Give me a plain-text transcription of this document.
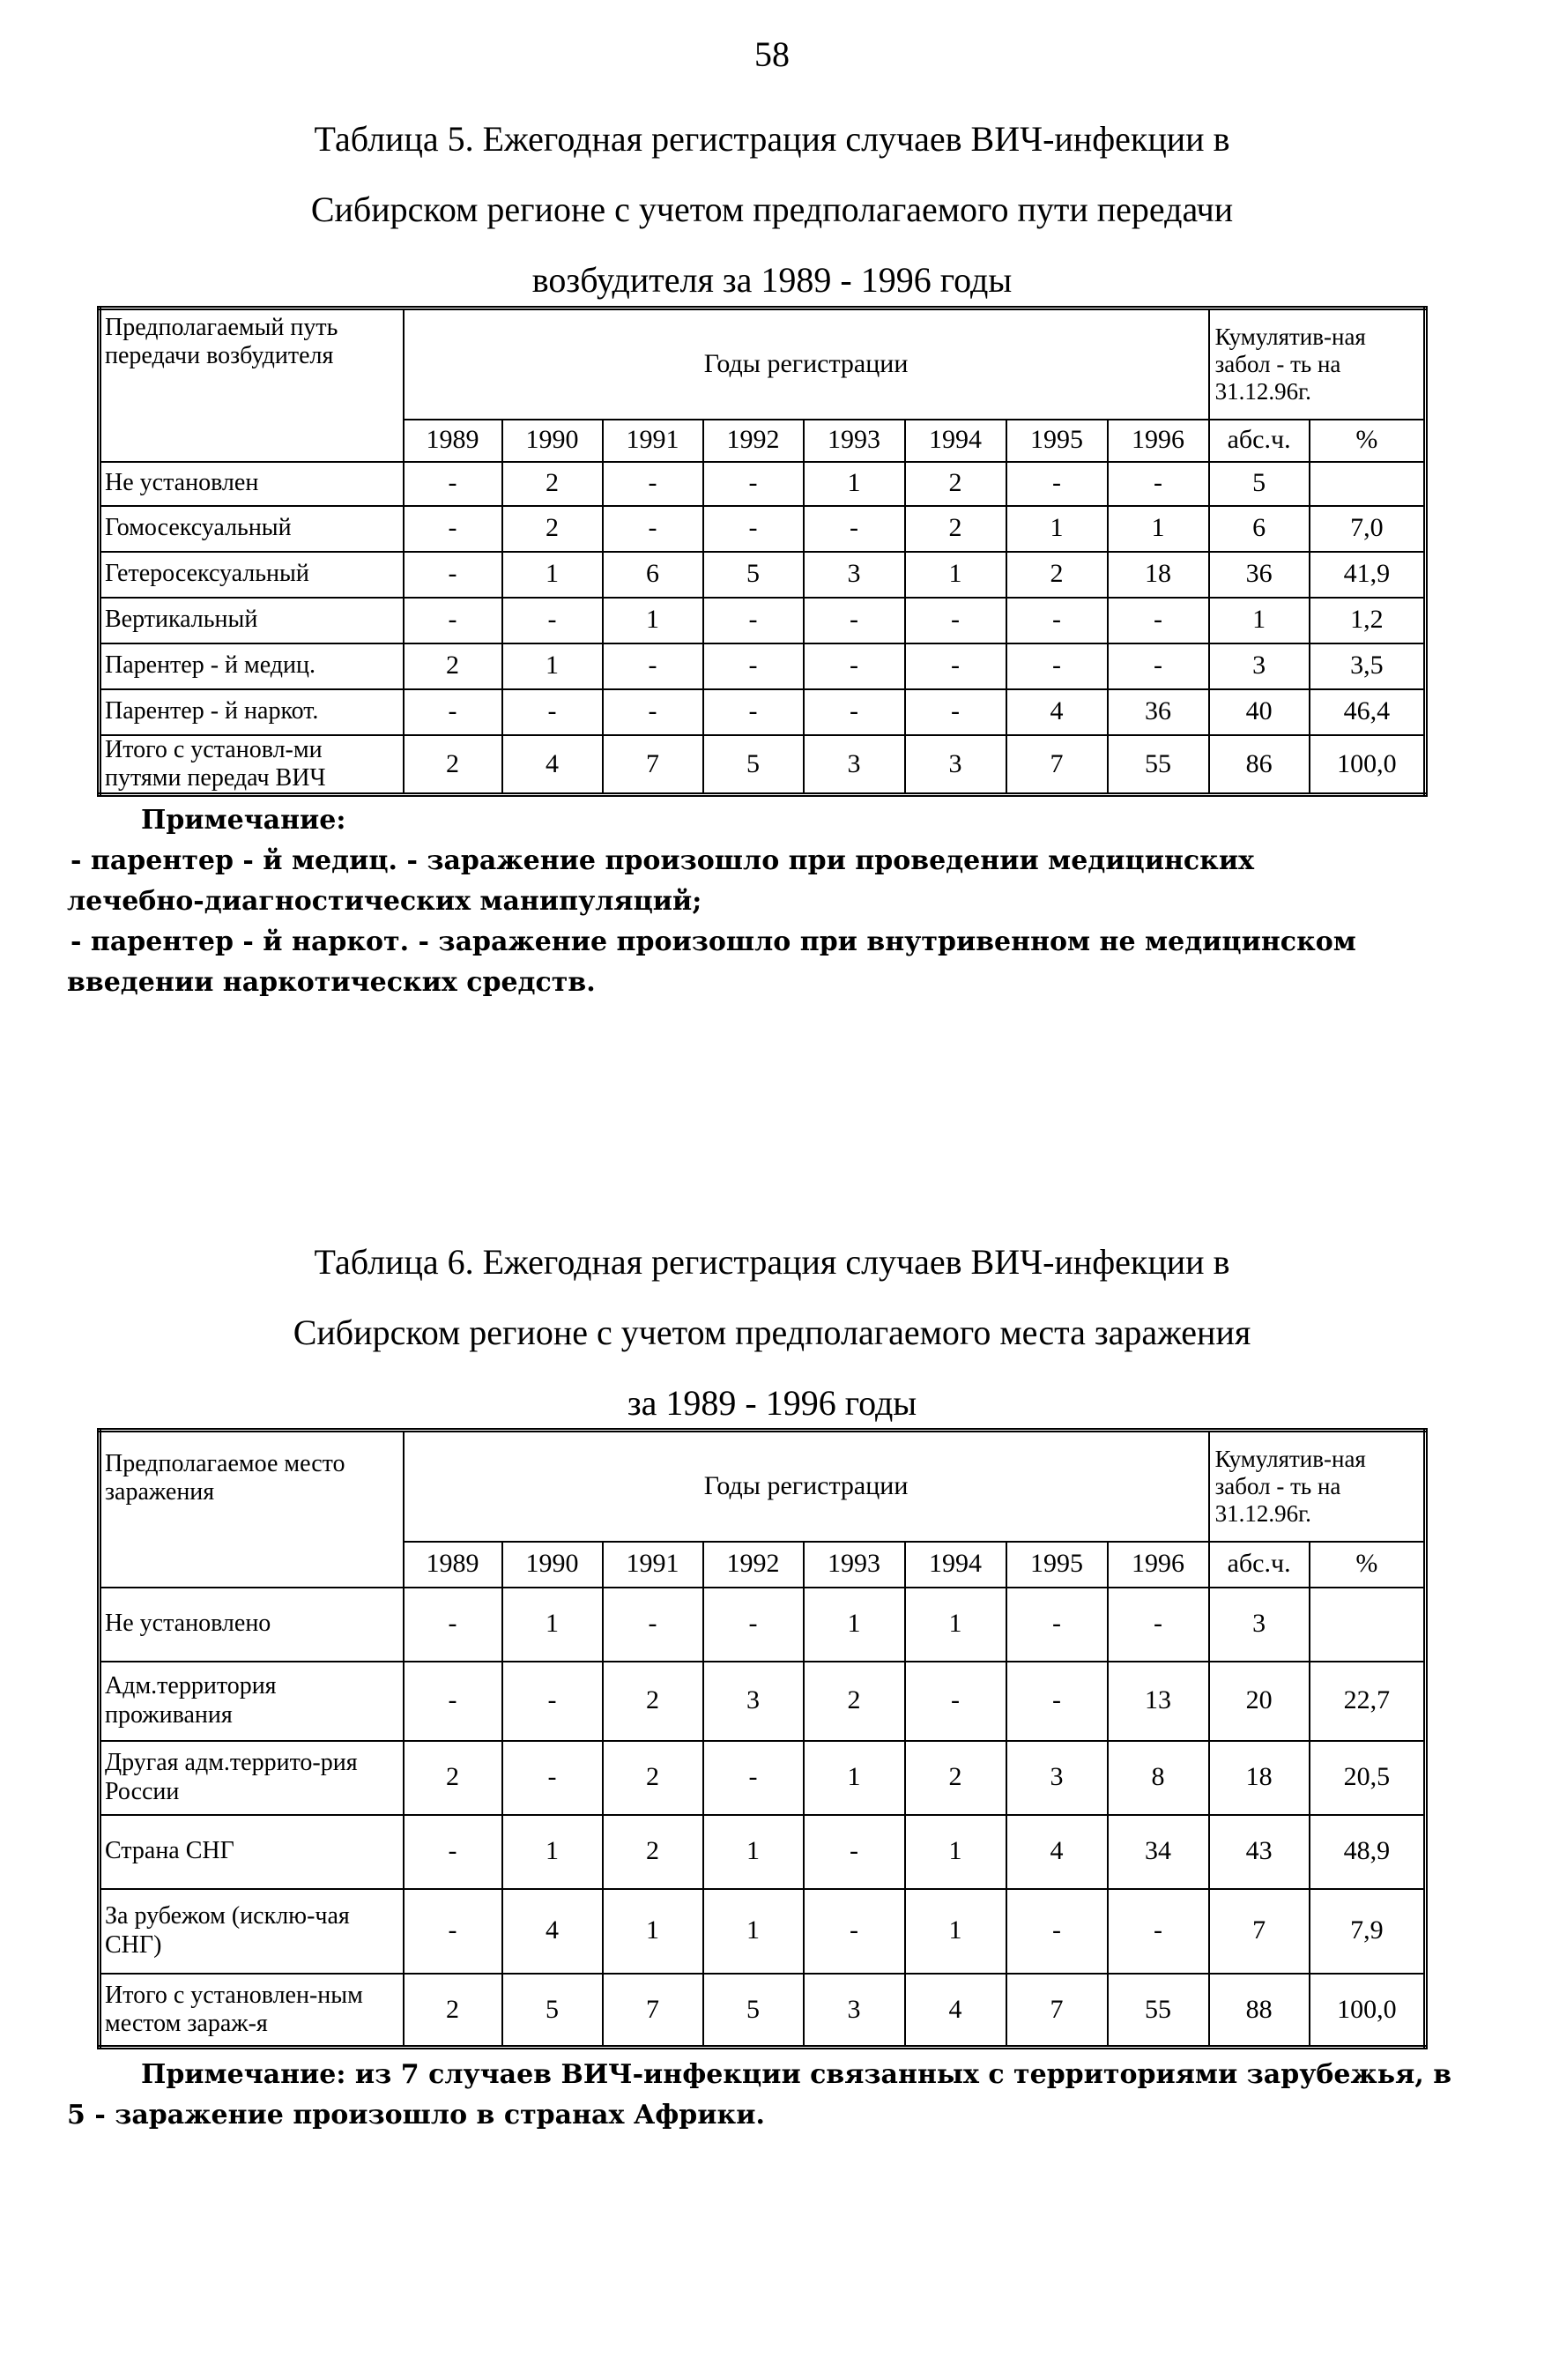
58
Таблица 5. Ежегодная регистрация случаев ВИЧ-инфекции в
Сибирском регионе с учетом предполагаемого пути передачи
возбудителя за 1989 - 1996 годы
Предполагаемый путь передачи возбудителя	Годы регистрации								Кумулятив-ная забол - ть на 31.12.96г.	
	1989	1990	1991	1992	1993	1994	1995	1996	абс.ч.	%
Не установлен	-	2	-	-	1	2	-	-	5	
Гомосексуальный	-	2	-	-	-	2	1	1	6	7,0
Гетеросексуальный	-	1	6	5	3	1	2	18	36	41,9
Вертикальный	-	-	1	-	-	-	-	-	1	1,2
Парентер - й медиц.	2	1	-	-	-	-	-	-	3	3,5
Парентер - й наркот.	-	-	-	-	-	-	4	36	40	46,4
Итого с установл-ми путями передач ВИЧ	2	4	7	5	3	3	7	55	86	100,0
Примечание:
- парентер - й медиц. - заражение произошло при проведении медицинских
лечебно-диагностических манипуляций;
- парентер - й наркот. - заражение произошло при внутривенном не медицинском
введении наркотических средств.
Таблица 6. Ежегодная регистрация случаев ВИЧ-инфекции в
Сибирском регионе с учетом предполагаемого места заражения
за 1989 - 1996 годы
Предполагаемое место заражения	Годы регистрации								Кумулятив-ная забол - ть на 31.12.96г.	
	1989	1990	1991	1992	1993	1994	1995	1996	абс.ч.	%
Не установлено	-	1	-	-	1	1	-	-	3	
Адм.территория проживания	-	-	2	3	2	-	-	13	20	22,7
Другая адм.террито-рия России	2	-	2	-	1	2	3	8	18	20,5
Страна СНГ	-	1	2	1	-	1	4	34	43	48,9
За рубежом (исклю-чая СНГ)	-	4	1	1	-	1	-	-	7	7,9
Итого с установлен-ным местом зараж-я	2	5	7	5	3	4	7	55	88	100,0
Примечание: из 7 случаев ВИЧ-инфекции связанных с территориями зарубежья, в
5 - заражение произошло в странах Африки.
